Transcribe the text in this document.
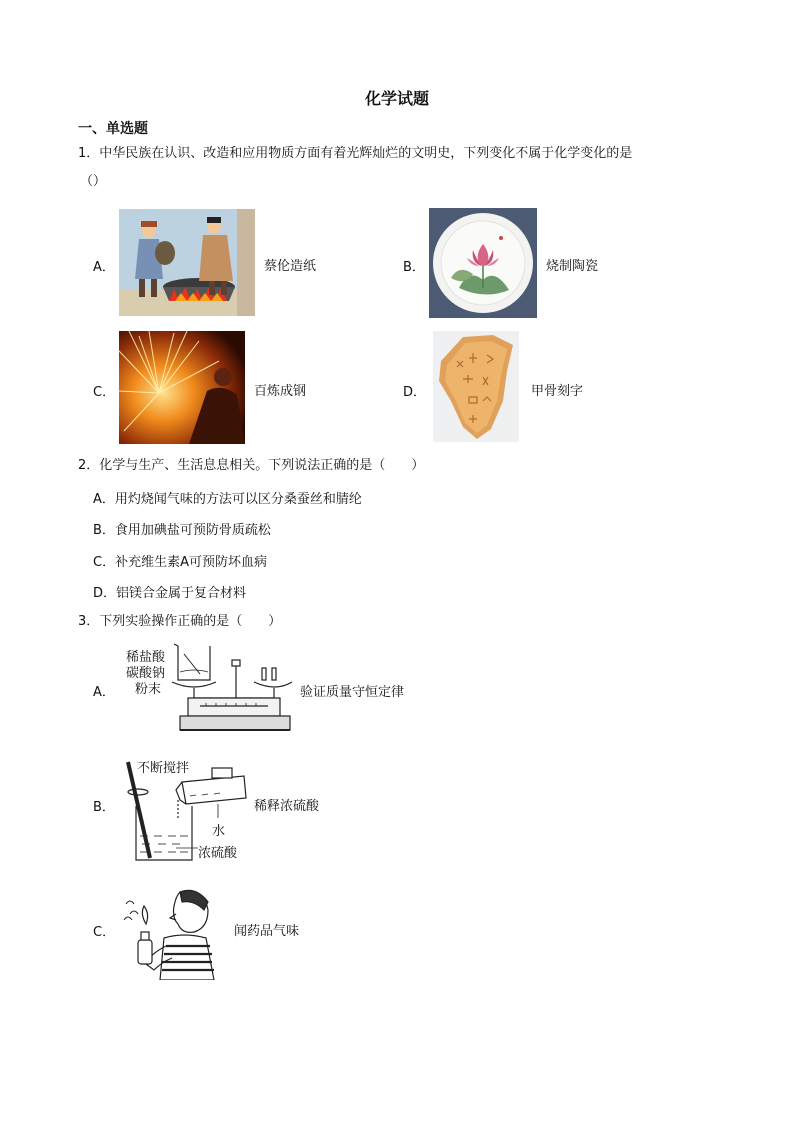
化学试题
一、单选题
1．中华民族在认识、改造和应用物质方面有着光辉灿烂的文明史，下列变化不属于化学变化的是
（）
A．	蔡伦造纸	B．	烧制陶瓷
C．	百炼成钢	D．	甲骨刻字
2．化学与生产、生活息息相关。下列说法正确的是（　　）
A．用灼烧闻气味的方法可以区分桑蚕丝和腈纶
B．食用加碘盐可预防骨质疏松
C．补充维生素A可预防坏血病
D．铝镁合金属于复合材料
3．下列实验操作正确的是（　　）
A．
稀盐酸
碳酸钠
粉末	验证质量守恒定律
B．
不断搅拌
水
浓硫酸
稀释浓硫酸
C．	闻药品气味
